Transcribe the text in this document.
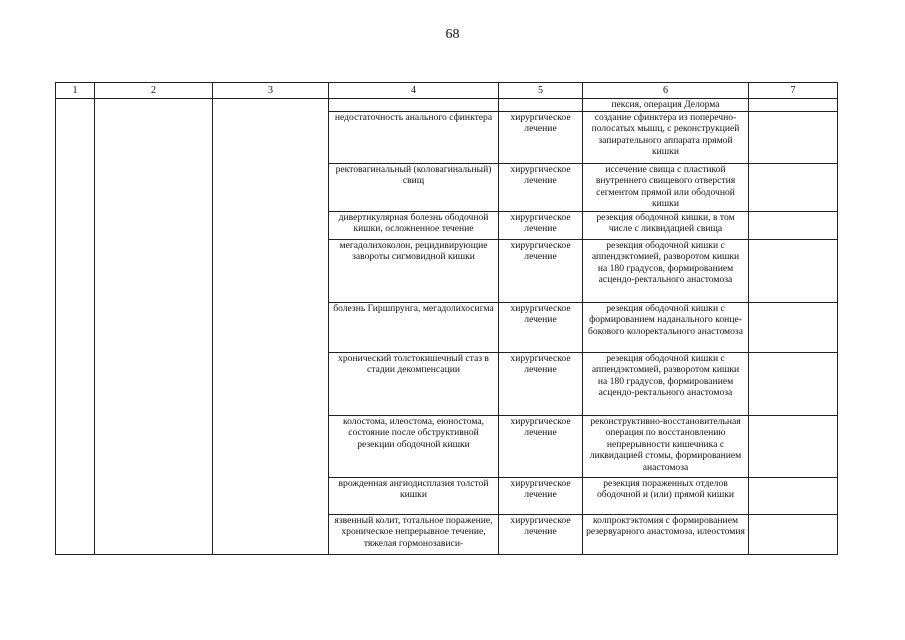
68
1	2	3	4	5	6	7
					пексия, операция Делорма	
			недостаточность анального сфинктера	хирургическое лечение	создание сфинктера из поперечно-полосатых мышц, с реконструкцией запирательного аппарата прямой кишки	
			ректовагинальный (коловагинальный) свищ	хирургическое лечение	иссечение свища с пластикой внутреннего свищевого отверстия сегментом прямой или ободочной кишки	
			дивертикулярная болезнь ободочной кишки, осложненное течение	хирургическое лечение	резекция ободочной кишки, в том числе с ликвидацией свища	
			мегадолихоколон, рецидивирующие завороты сигмовидной кишки	хирургическое лечение	резекция ободочной кишки с аппендэктомией, разворотом кишки на 180 градусов, формированием асцендо-ректального анастомоза	
			болезнь Гиршпрунга, мегадолихосигма	хирургическое лечение	резекция ободочной кишки с формированием наданального конце-бокового колоректального анастомоза	
			хронический толстокишечный стаз в стадии декомпенсации	хирургическое лечение	резекция ободочной кишки с аппендэктомией, разворотом кишки на 180 градусов, формированием асцендо-ректального анастомоза	
			колостома, илеостома, еюностома, состояние после обструктивной резекции ободочной кишки	хирургическое лечение	реконструктивно-восстановительная операция по восстановлению непрерывности кишечника с ликвидацией стомы, формированием анастомоза	
			врожденная ангиодисплазия толстой кишки	хирургическое лечение	резекция пораженных отделов ободочной и (или) прямой кишки	
			язвенный колит, тотальное поражение, хроническое непрерывное течение, тяжелая гормонозависи-	хирургическое лечение	колпроктэктомия с формированием резервуарного анастомоза, илеостомия	
